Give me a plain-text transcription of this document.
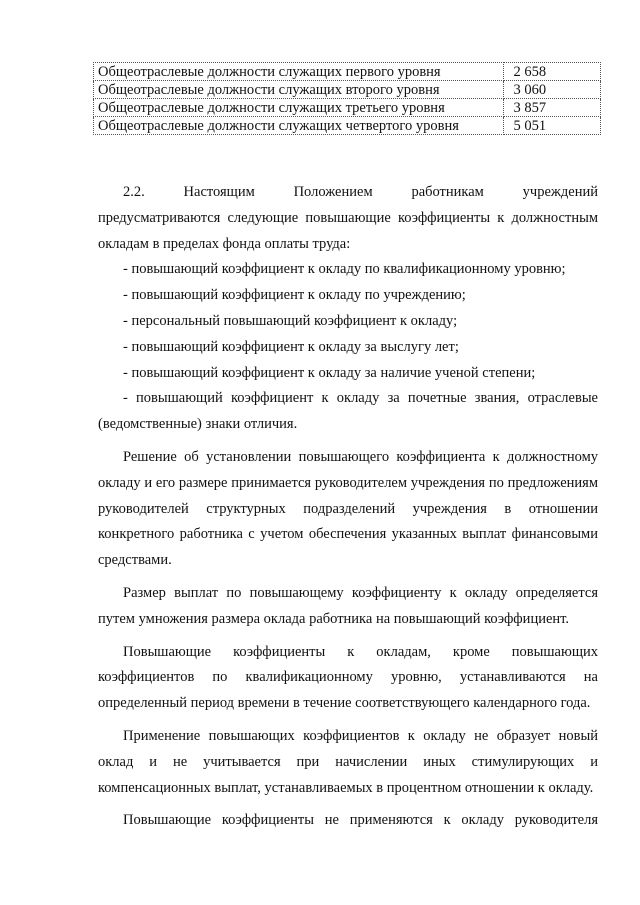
Общеотраслевые должности служащих первого уровня	2 658
Общеотраслевые должности служащих второго уровня	3 060
Общеотраслевые должности служащих третьего уровня	3 857
Общеотраслевые должности служащих четвертого уровня	5 051
2.2.	Настоящим	Положением	работникам	учреждений

предусматриваются следующие повышающие коэффициенты к должностным окладам в пределах фонда оплаты труда:

- повышающий коэффициент к окладу по квалификационному уровню;

- повышающий коэффициент к окладу по учреждению;

- персональный повышающий коэффициент к окладу;

- повышающий коэффициент к окладу за выслугу лет;

- повышающий коэффициент к окладу за наличие ученой степени;

- повышающий коэффициент к окладу за почетные звания, отраслевые (ведомственные) знаки отличия.

Решение об установлении повышающего коэффициента к должностному окладу и его размере принимается руководителем учреждения по предложениям руководителей структурных подразделений учреждения в отношении конкретного работника с учетом обеспечения указанных выплат финансовыми средствами.

Размер выплат по повышающему коэффициенту к окладу определяется путем умножения размера оклада работника на повышающий коэффициент.

Повышающие коэффициенты к окладам, кроме повышающих коэффициентов по квалификационному уровню, устанавливаются на определенный период времени в течение соответствующего календарного года.

Применение повышающих коэффициентов к окладу не образует новый оклад и не учитывается при начислении иных стимулирующих и компенсационных выплат, устанавливаемых в процентном отношении к окладу.

Повышающие коэффициенты не применяются к окладу руководителя
